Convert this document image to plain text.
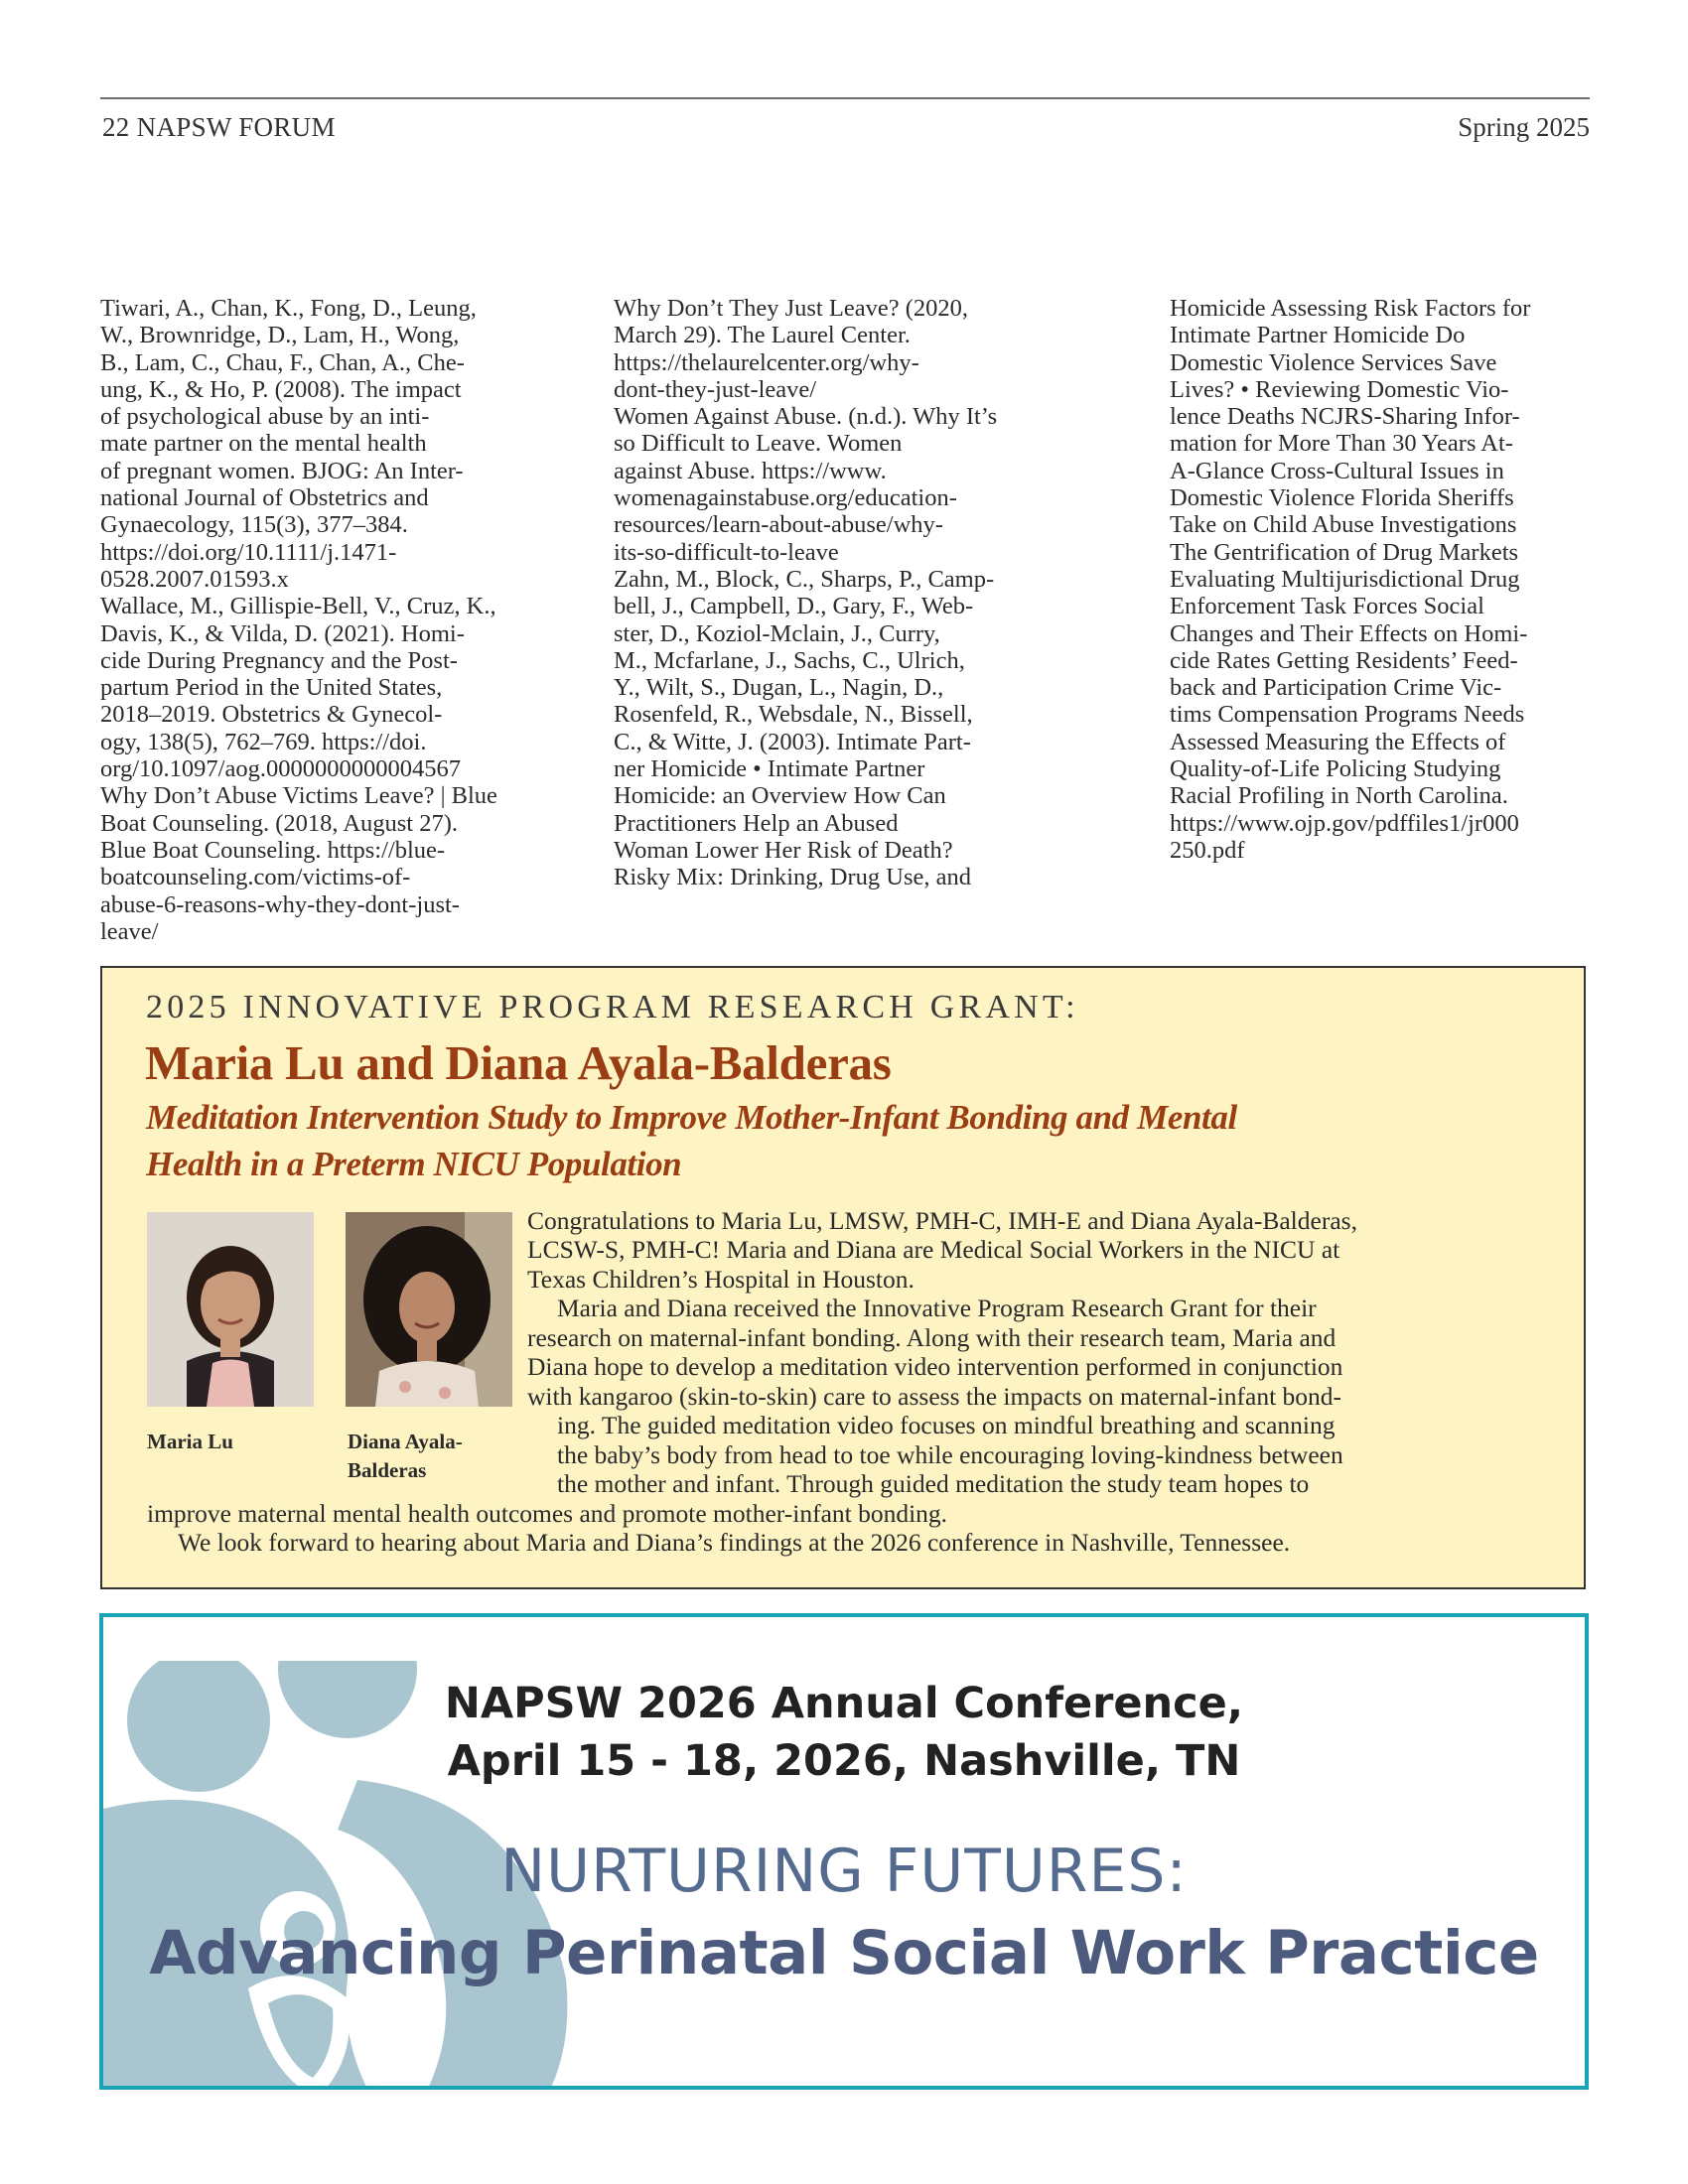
22 NAPSW FORUM	Spring 2025

Tiwari, A., Chan, K., Fong, D., Leung,
W., Brownridge, D., Lam, H., Wong,
B., Lam, C., Chau, F., Chan, A., Che-
ung, K., & Ho, P. (2008). The impact
of psychological abuse by an inti-
mate partner on the mental health
of pregnant women. BJOG: An Inter-
national Journal of Obstetrics and
Gynaecology, 115(3), 377–384.
https://doi.org/10.1111/j.1471-
0528.2007.01593.x

Wallace, M., Gillispie-Bell, V., Cruz, K.,
Davis, K., & Vilda, D. (2021). Homi-
cide During Pregnancy and the Post-
partum Period in the United States,
2018–2019. Obstetrics & Gynecol-
ogy, 138(5), 762–769. https://doi.
org/10.1097/aog.0000000000004567

Why Don’t Abuse Victims Leave? | Blue
Boat Counseling. (2018, August 27).
Blue Boat Counseling. https://blue-
boatcounseling.com/victims-of-
abuse-6-reasons-why-they-dont-just-
leave/

Why Don’t They Just Leave? (2020,
March 29). The Laurel Center.
https://thelaurelcenter.org/why-
dont-they-just-leave/

Women Against Abuse. (n.d.). Why It’s
so Difficult to Leave. Women
against Abuse. https://www.
womenagainstabuse.org/education-
resources/learn-about-abuse/why-
its-so-difficult-to-leave

Zahn, M., Block, C., Sharps, P., Camp-
bell, J., Campbell, D., Gary, F., Web-
ster, D., Koziol-Mclain, J., Curry,
M., Mcfarlane, J., Sachs, C., Ulrich,
Y., Wilt, S., Dugan, L., Nagin, D.,
Rosenfeld, R., Websdale, N., Bissell,
C., & Witte, J. (2003). Intimate Part-
ner Homicide • Intimate Partner
Homicide: an Overview How Can
Practitioners Help an Abused
Woman Lower Her Risk of Death?
Risky Mix: Drinking, Drug Use, and

Homicide Assessing Risk Factors for
Intimate Partner Homicide Do
Domestic Violence Services Save
Lives? • Reviewing Domestic Vio-
lence Deaths NCJRS-Sharing Infor-
mation for More Than 30 Years At-
A-Glance Cross-Cultural Issues in
Domestic Violence Florida Sheriffs
Take on Child Abuse Investigations
The Gentrification of Drug Markets
Evaluating Multijurisdictional Drug
Enforcement Task Forces Social
Changes and Their Effects on Homi-
cide Rates Getting Residents’ Feed-
back and Participation Crime Vic-
tims Compensation Programs Needs
Assessed Measuring the Effects of
Quality-of-Life Policing Studying
Racial Profiling in North Carolina.
https://www.ojp.gov/pdffiles1/jr000
250.pdf

2025 INNOVATIVE PROGRAM RESEARCH GRANT:
Maria Lu and Diana Ayala-Balderas
Meditation Intervention Study to Improve Mother-Infant Bonding and Mental
Health in a Preterm NICU Population
Maria Lu	Diana Ayala-Balderas
Congratulations to Maria Lu, LMSW, PMH-C, IMH-E and Diana Ayala-Balderas,
LCSW-S, PMH-C! Maria and Diana are Medical Social Workers in the NICU at
Texas Children’s Hospital in Houston.
Maria and Diana received the Innovative Program Research Grant for their
research on maternal-infant bonding. Along with their research team, Maria and
Diana hope to develop a meditation video intervention performed in conjunction
with kangaroo (skin-to-skin) care to assess the impacts on maternal-infant bond-
ing. The guided meditation video focuses on mindful breathing and scanning
the baby’s body from head to toe while encouraging loving-kindness between
the mother and infant. Through guided meditation the study team hopes to
improve maternal mental health outcomes and promote mother-infant bonding.
We look forward to hearing about Maria and Diana’s findings at the 2026 conference in Nashville, Tennessee.
NAPSW 2026 Annual Conference,
April 15 - 18, 2026, Nashville, TN
NURTURING FUTURES:
Advancing Perinatal Social Work Practice
